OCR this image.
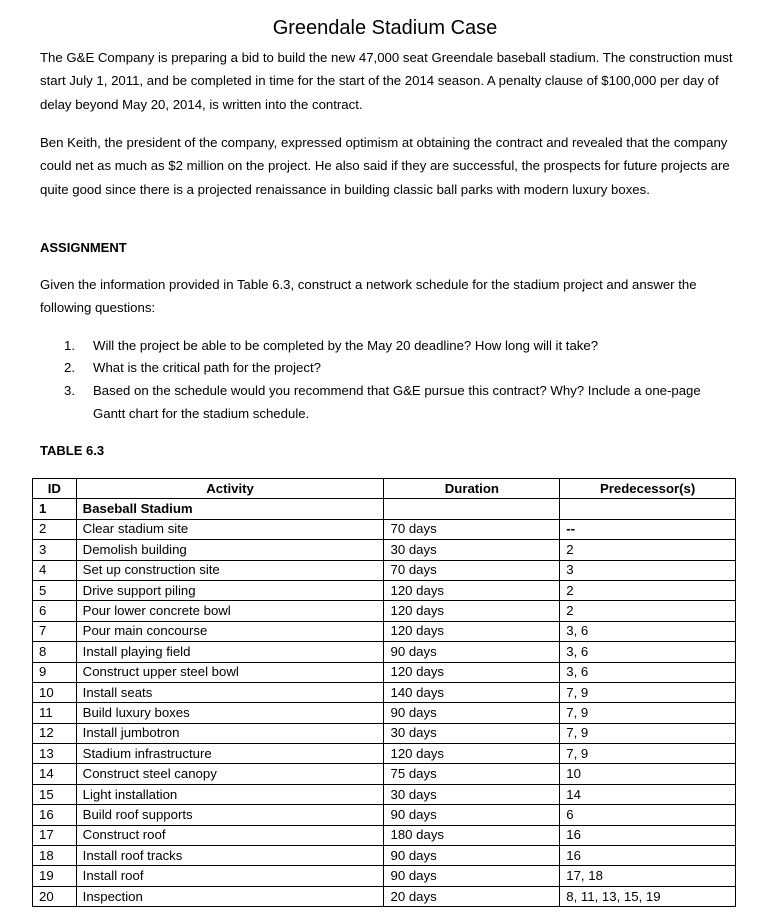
Greendale Stadium Case

The G&E Company is preparing a bid to build the new 47,000 seat Greendale baseball stadium. The construction must start July 1, 2011, and be completed in time for the start of the 2014 season. A penalty clause of $100,000 per day of delay beyond May 20, 2014, is written into the contract.

Ben Keith, the president of the company, expressed optimism at obtaining the contract and revealed that the company could net as much as $2 million on the project. He also said if they are successful, the prospects for future projects are quite good since there is a projected renaissance in building classic ball parks with modern luxury boxes.

ASSIGNMENT

Given the information provided in Table 6.3, construct a network schedule for the stadium project and answer the following questions:

1. Will the project be able to be completed by the May 20 deadline? How long will it take?
2. What is the critical path for the project?
3. Based on the schedule would you recommend that G&E pursue this contract? Why? Include a one-page Gantt chart for the stadium schedule.
TABLE 6.3
ID	Activity	Duration	Predecessor(s)
1	Baseball Stadium		
2	Clear stadium site	70 days	--
3	Demolish building	30 days	2
4	Set up construction site	70 days	3
5	Drive support piling	120 days	2
6	Pour lower concrete bowl	120 days	2
7	Pour main concourse	120 days	3, 6
8	Install playing field	90 days	3, 6
9	Construct upper steel bowl	120 days	3, 6
10	Install seats	140 days	7, 9
11	Build luxury boxes	90 days	7, 9
12	Install jumbotron	30 days	7, 9
13	Stadium infrastructure	120 days	7, 9
14	Construct steel canopy	75 days	10
15	Light installation	30 days	14
16	Build roof supports	90 days	6
17	Construct roof	180 days	16
18	Install roof tracks	90 days	16
19	Install roof	90 days	17, 18
20	Inspection	20 days	8, 11, 13, 15, 19
